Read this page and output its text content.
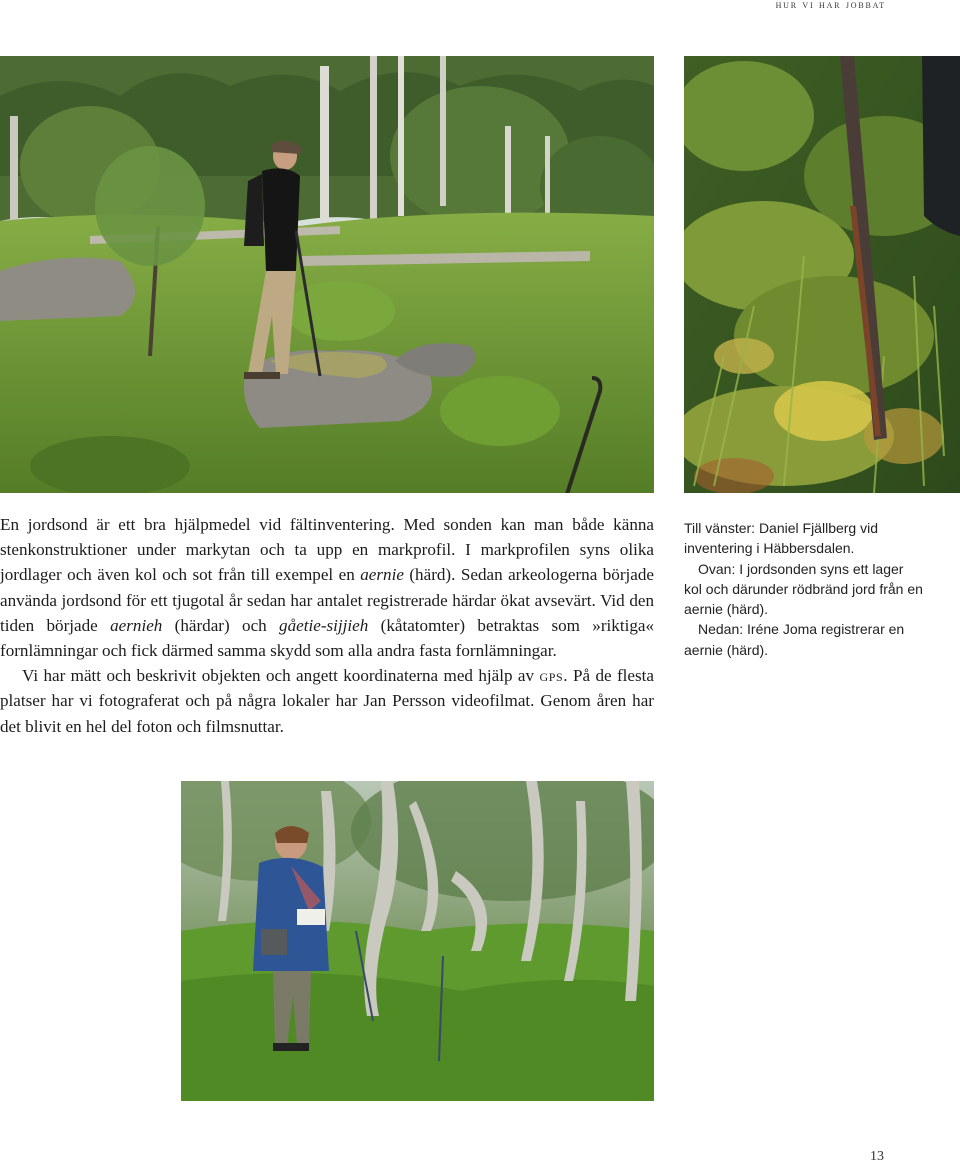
hur vi har jobbat

En jordsond är ett bra hjälpmedel vid fältinventering. Med sonden kan man både känna stenkonstruktioner under markytan och ta upp en markprofil. I markprofilen syns olika jordlager och även kol och sot från till exempel en aernie (härd). Sedan arkeologerna började använda jordsond för ett tjugotal år sedan har antalet registrerade härdar ökat avsevärt. Vid den tiden började aernieh (härdar) och gåetie-sijjieh (kåtatomter) betraktas som »riktiga« fornlämningar och fick därmed samma skydd som alla andra fasta fornlämningar.

Vi har mätt och beskrivit objekten och angett koordinaterna med hjälp av gps. På de flesta platser har vi fotograferat och på några lokaler har Jan Persson videofilmat. Genom åren har det blivit en hel del foton och filmsnuttar.

Till vänster: Daniel Fjällberg vid inventering i Häbbersdalen.

Ovan: I jordsonden syns ett lager kol och därunder rödbränd jord från en aernie (härd).

Nedan: Iréne Joma registrerar en aernie (härd).

13
